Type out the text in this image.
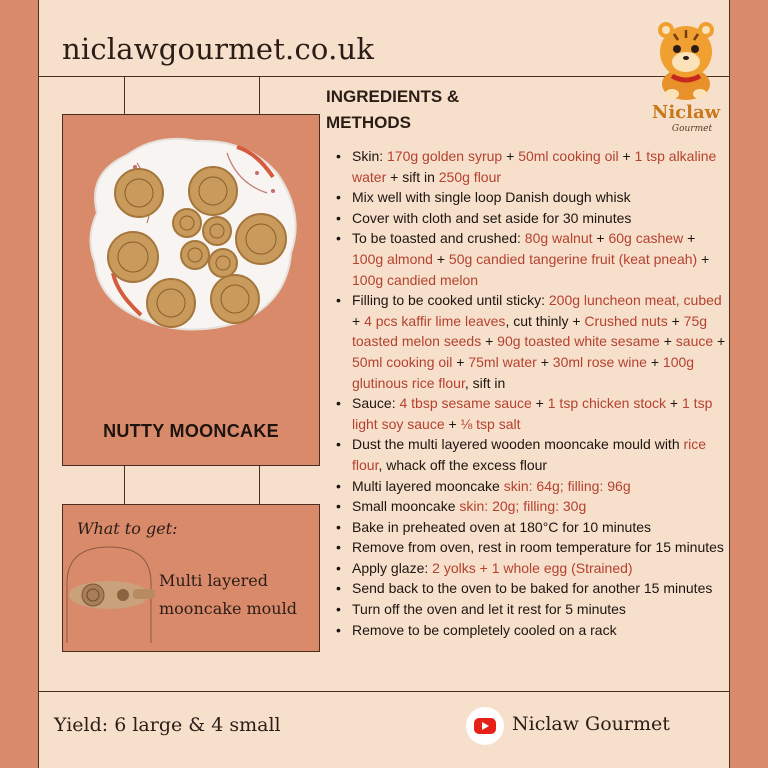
niclawgourmet.co.uk
Niclaw
Gourmet
NUTTY MOONCAKE
What to get:
Multi layered mooncake mould
INGREDIENTS & METHODS
• Skin: 170g golden syrup + 50ml cooking oil + 1 tsp alkaline water + sift in 250g flour
• Mix well with single loop Danish dough whisk
• Cover with cloth and set aside for 30 minutes
• To be toasted and crushed: 80g walnut + 60g cashew + 100g almond + 50g candied tangerine fruit (keat pneah) + 100g candied melon
• Filling to be cooked until sticky: 200g luncheon meat, cubed + 4 pcs kaffir lime leaves, cut thinly + Crushed nuts + 75g toasted melon seeds + 90g toasted white sesame + sauce + 50ml cooking oil + 75ml water + 30ml rose wine + 100g glutinous rice flour, sift in
• Sauce: 4 tbsp sesame sauce + 1 tsp chicken stock + 1 tsp light soy sauce + ⅛ tsp salt
• Dust the multi layered wooden mooncake mould with rice flour, whack off the excess flour
• Multi layered mooncake skin: 64g; filling: 96g
• Small mooncake skin: 20g; filling: 30g
• Bake in preheated oven at 180°C for 10 minutes
• Remove from oven, rest in room temperature for 15 minutes
• Apply glaze: 2 yolks + 1 whole egg (Strained)
• Send back to the oven to be baked for another 15 minutes
• Turn off the oven and let it rest for 5 minutes
• Remove to be completely cooled on a rack
Yield: 6 large & 4 small	Niclaw Gourmet
